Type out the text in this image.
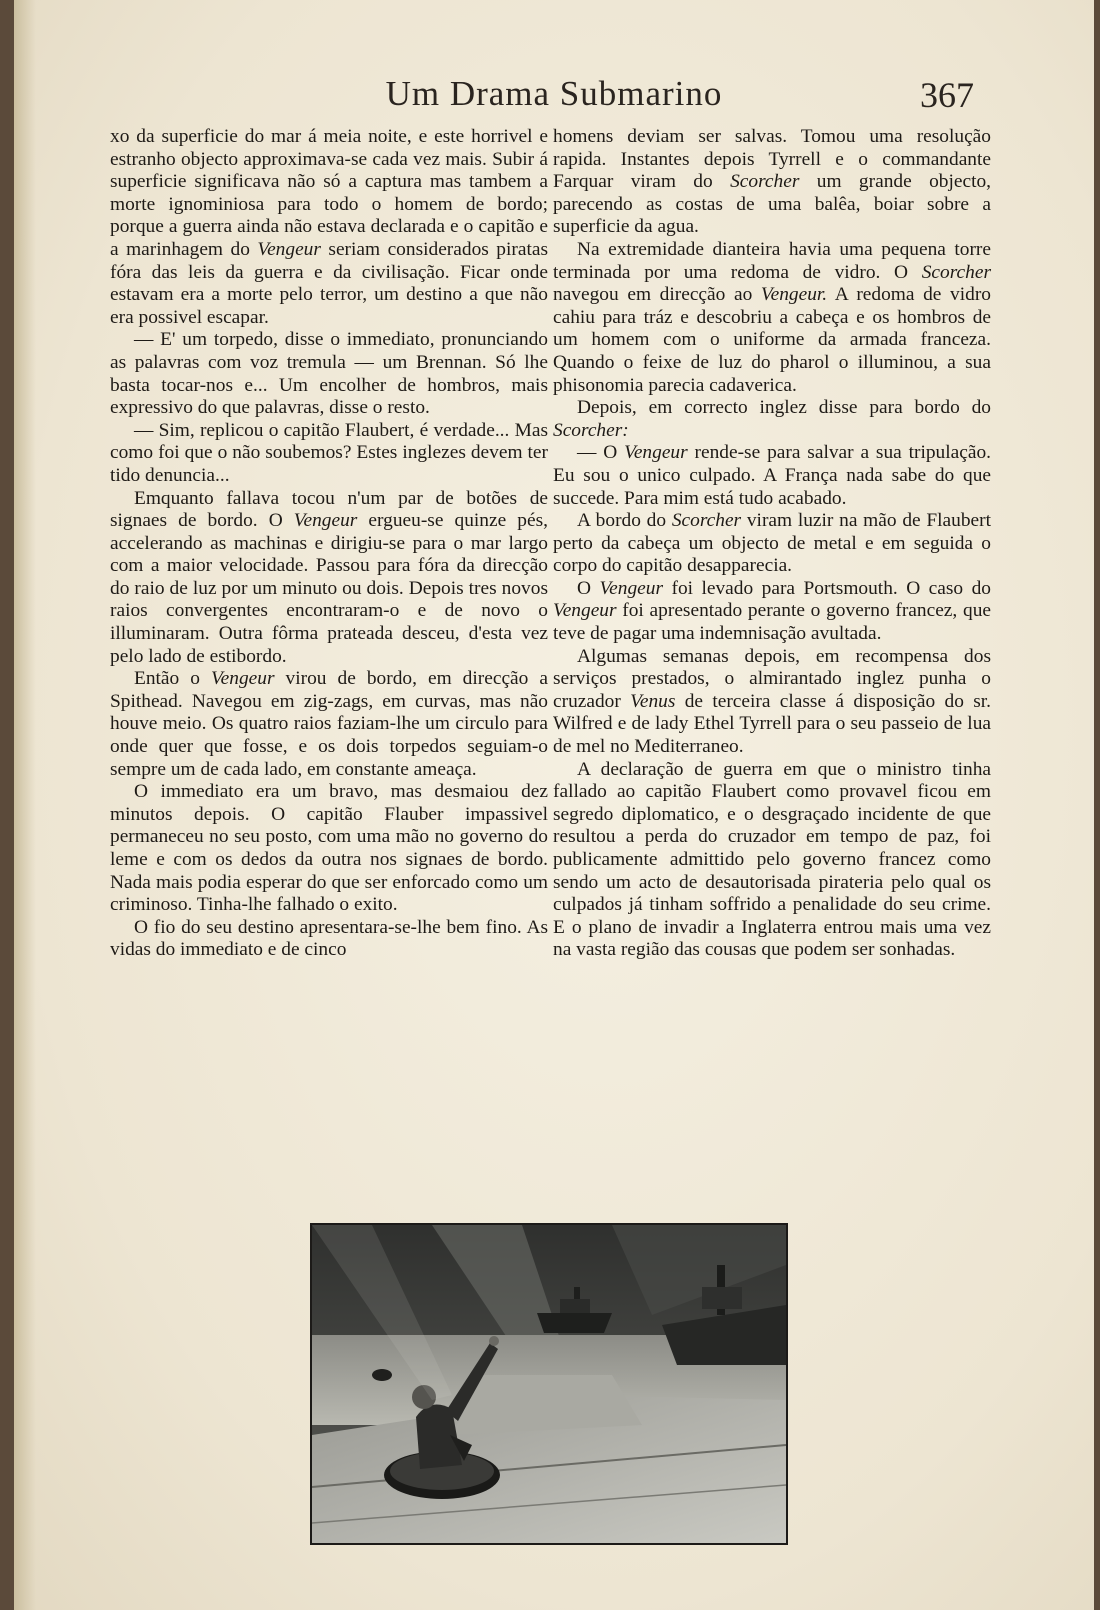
Um Drama Submarino	367

xo da superficie do mar á meia noite, e este horrivel e estranho objecto approximava-se cada vez mais. Subir á superficie significava não só a captura mas tambem a morte ignominiosa para todo o homem de bordo; porque a guerra ainda não estava declarada e o capitão e a marinhagem do Vengeur seriam considerados piratas fóra das leis da guerra e da civilisação. Ficar onde estavam era a morte pelo terror, um destino a que não era possivel escapar.

— E' um torpedo, disse o immediato, pronunciando as palavras com voz tremula — um Brennan. Só lhe basta tocar-nos e... Um encolher de hombros, mais expressivo do que palavras, disse o resto.

— Sim, replicou o capitão Flaubert, é verdade... Mas como foi que o não soubemos? Estes inglezes devem ter tido denuncia...

Emquanto fallava tocou n'um par de botões de signaes de bordo. O Vengeur ergueu-se quinze pés, accelerando as machinas e dirigiu-se para o mar largo com a maior velocidade. Passou para fóra da direcção do raio de luz por um minuto ou dois. Depois tres novos raios convergentes encontraram-o e de novo o illuminaram. Outra fôrma prateada desceu, d'esta vez pelo lado de estibordo.

Então o Vengeur virou de bordo, em direcção a Spithead. Navegou em zig-zags, em curvas, mas não houve meio. Os quatro raios faziam-lhe um circulo para onde quer que fosse, e os dois torpedos seguiam-o sempre um de cada lado, em constante ameaça.

O immediato era um bravo, mas desmaiou dez minutos depois. O capitão Flauber impassivel permaneceu no seu posto, com uma mão no governo do leme e com os dedos da outra nos signaes de bordo. Nada mais podia esperar do que ser enforcado como um criminoso. Tinha-lhe falhado o exito.

O fio do seu destino apresentara-se-lhe bem fino. As vidas do immediato e de cinco

homens deviam ser salvas. Tomou uma resolução rapida. Instantes depois Tyrrell e o commandante Farquar viram do Scorcher um grande objecto, parecendo as costas de uma balêa, boiar sobre a superficie da agua.

Na extremidade dianteira havia uma pequena torre terminada por uma redoma de vidro. O Scorcher navegou em direcção ao Vengeur. A redoma de vidro cahiu para tráz e descobriu a cabeça e os hombros de um homem com o uniforme da armada franceza. Quando o feixe de luz do pharol o illuminou, a sua phisonomia parecia cadaverica.

Depois, em correcto inglez disse para bordo do Scorcher:

— O Vengeur rende-se para salvar a sua tripulação. Eu sou o unico culpado. A França nada sabe do que succede. Para mim está tudo acabado.

A bordo do Scorcher viram luzir na mão de Flaubert perto da cabeça um objecto de metal e em seguida o corpo do capitão desapparecia.

O Vengeur foi levado para Portsmouth. O caso do Vengeur foi apresentado perante o governo francez, que teve de pagar uma indemnisação avultada.

Algumas semanas depois, em recompensa dos serviços prestados, o almirantado inglez punha o cruzador Venus de terceira classe á disposição do sr. Wilfred e de lady Ethel Tyrrell para o seu passeio de lua de mel no Mediterraneo.

A declaração de guerra em que o ministro tinha fallado ao capitão Flaubert como provavel ficou em segredo diplomatico, e o desgraçado incidente de que resultou a perda do cruzador em tempo de paz, foi publicamente admittido pelo governo francez como sendo um acto de desautorisada pirateria pelo qual os culpados já tinham soffrido a penalidade do seu crime. E o plano de invadir a Inglaterra entrou mais uma vez na vasta região das cousas que podem ser sonhadas.
